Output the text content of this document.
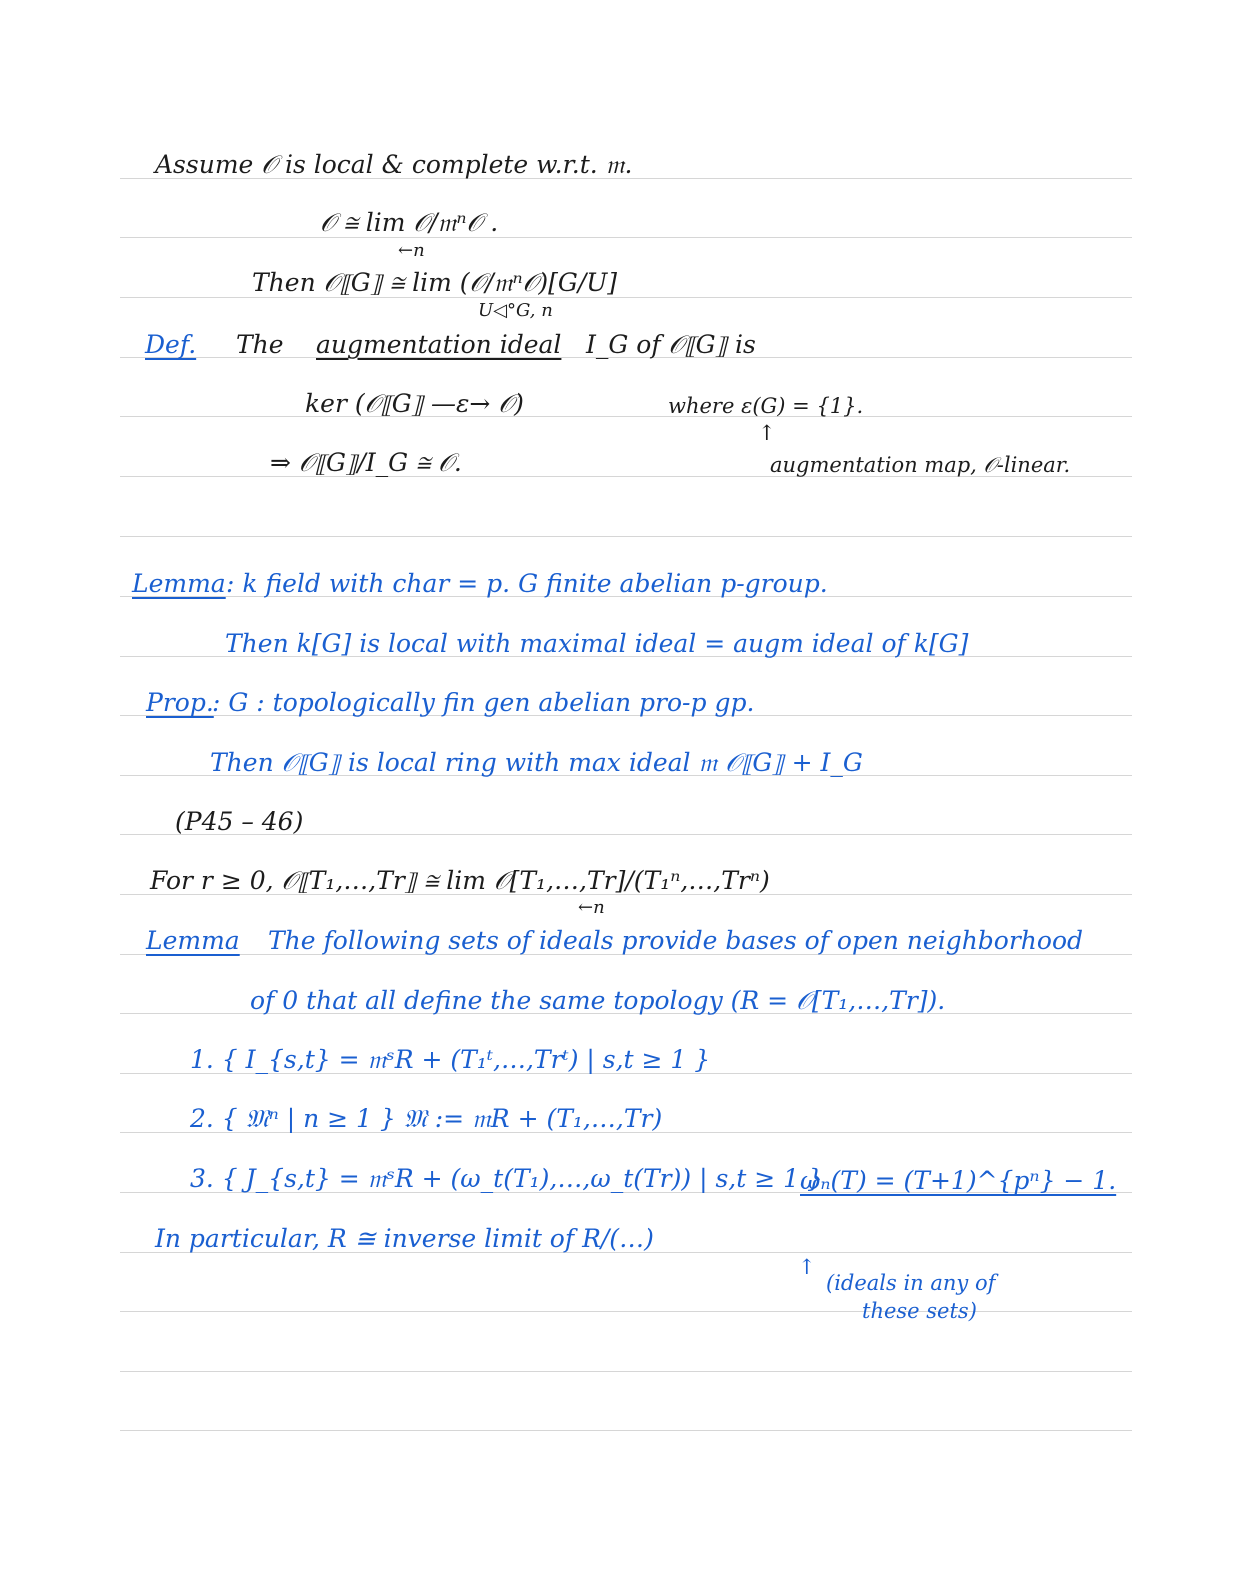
Assume 𝒪 is local & complete w.r.t. 𝔪.
𝒪 ≅ lim 𝒪/𝔪ⁿ𝒪 .
←n
Then 𝒪⟦G⟧ ≅ lim (𝒪/𝔪ⁿ𝒪)[G/U]
U◁°G, n
Def. The augmentation ideal I_G of 𝒪⟦G⟧ is
ker (𝒪⟦G⟧ —ε→ 𝒪)	where ε(G) = {1}.
↑
⇒ 𝒪⟦G⟧/I_G ≅ 𝒪.	augmentation map, 𝒪-linear.
Lemma : k field with char = p. G finite abelian p-group.
Then k[G] is local with maximal ideal = augm ideal of k[G]
Prop.
: G : topologically fin gen abelian pro-p gp.
Then 𝒪⟦G⟧ is local ring with max ideal 𝔪 𝒪⟦G⟧ + I_G
(P45 – 46)
For r ≥ 0, 𝒪⟦T₁,…,Tr⟧ ≅ lim 𝒪[T₁,…,Tr]/(T₁ⁿ,…,Trⁿ)
←n
Lemma The following sets of ideals provide bases of open neighborhood
of 0 that all define the same topology (R = 𝒪[T₁,…,Tr]).
1. { I_{s,t} = 𝔪ˢR + (T₁ᵗ,…,Trᵗ) | s,t ≥ 1 }
2. { 𝔐ⁿ | n ≥ 1 } 𝔐 := 𝔪R + (T₁,…,Tr)
3. { J_{s,t} = 𝔪ˢR + (ω_t(T₁),…,ω_t(Tr)) | s,t ≥ 1 }
ωₙ(T) = (T+1)^{pⁿ} − 1.
In particular, R ≅ inverse limit of R/(…)
↑
(ideals in any of
these sets)
